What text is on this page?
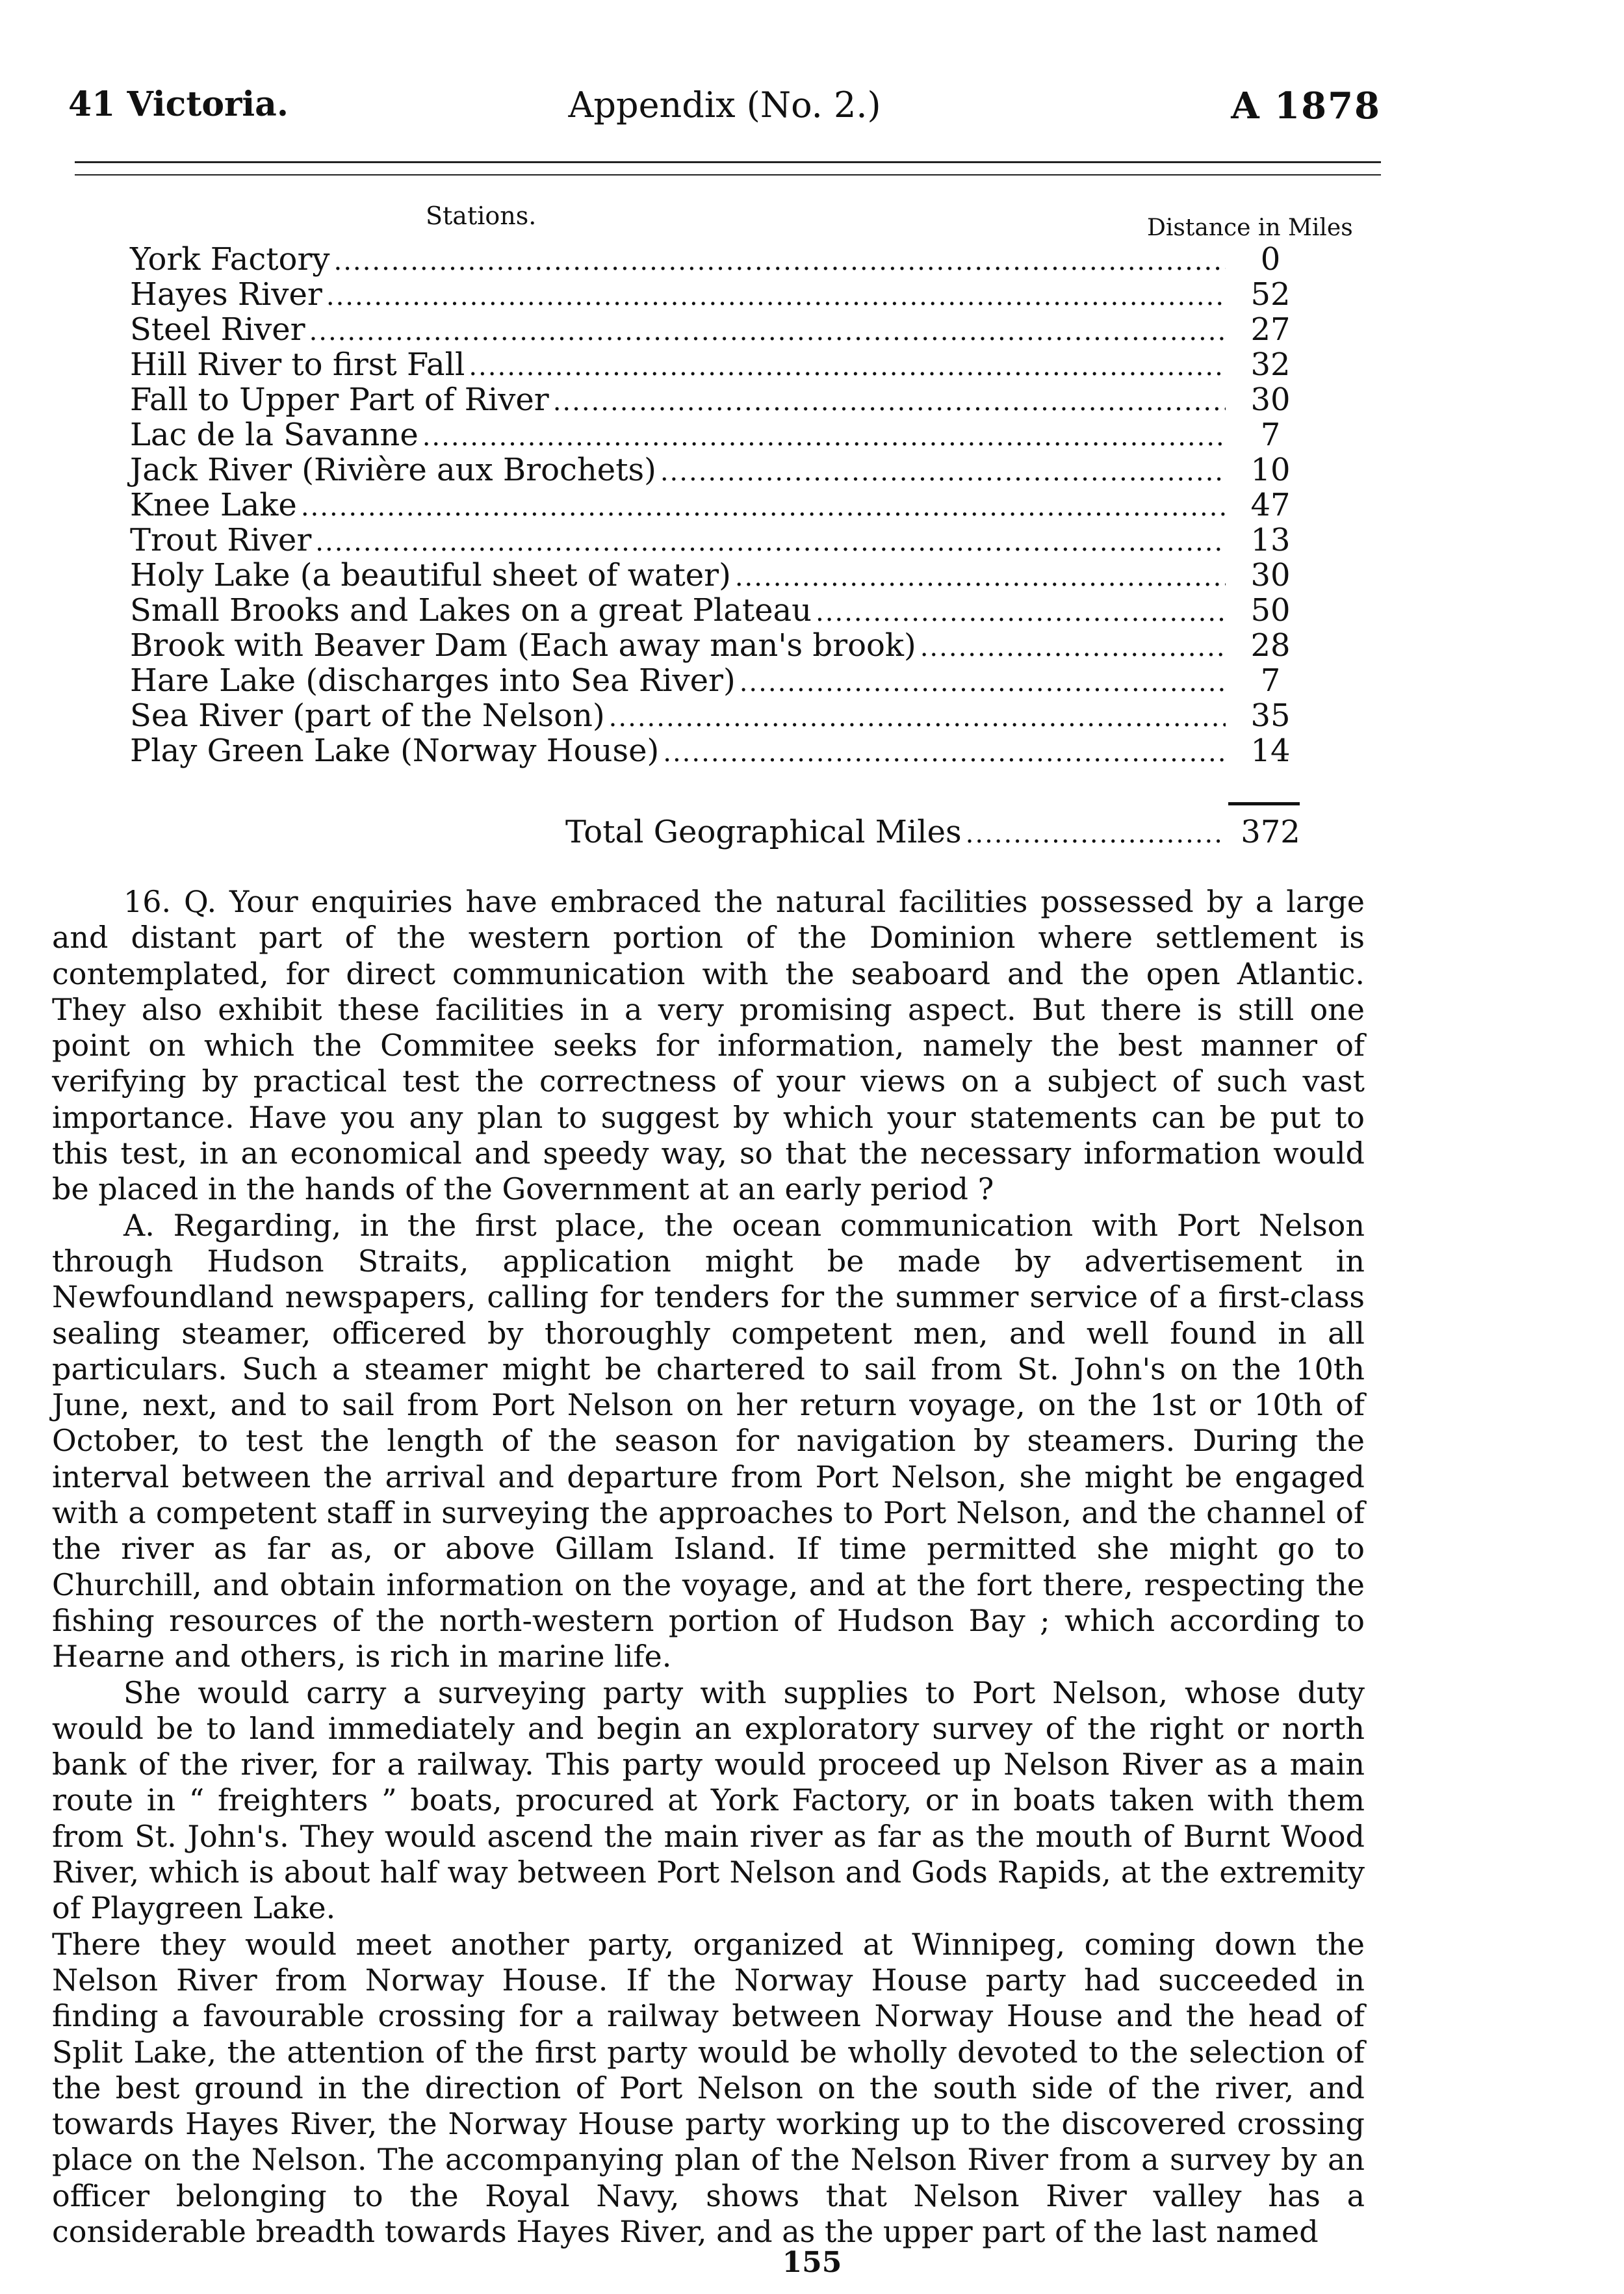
Appendix (No. 2.)
41 Victoria.	A 1878
Stations.	Distance in Miles
York Factory .....	0
Hayes River .....	52
Steel River .....	27
Hill River to first Fall .....	32
Fall to Upper Part of River .....	30
Lac de la Savanne .....	7
Jack River (Rivière aux Brochets) .....	10
Knee Lake .....	47
Trout River .....	13
Holy Lake (a beautiful sheet of water) .....	30
Small Brooks and Lakes on a great Plateau .....	50
Brook with Beaver Dam (Each away man's brook) .....	28
Hare Lake (discharges into Sea River) .....	7
Sea River (part of the Nelson) .....	35
Play Green Lake (Norway House) .....	14
Total Geographical Miles .....	372

16. Q. Your enquiries have embraced the natural facilities possessed by a large and distant part of the western portion of the Dominion where settlement is contemplated, for direct communication with the seaboard and the open Atlantic. They also exhibit these facilities in a very promising aspect. But there is still one point on which the Commitee seeks for information, namely the best manner of verifying by practical test the correctness of your views on a subject of such vast importance. Have you any plan to suggest by which your statements can be put to this test, in an economical and speedy way, so that the necessary information would be placed in the hands of the Government at an early period ?

A. Regarding, in the first place, the ocean communication with Port Nelson through Hudson Straits, application might be made by advertisement in Newfoundland newspapers, calling for tenders for the summer service of a first-class sealing steamer, officered by thoroughly competent men, and well found in all particulars. Such a steamer might be chartered to sail from St. John's on the 10th June, next, and to sail from Port Nelson on her return voyage, on the 1st or 10th of October, to test the length of the season for navigation by steamers. During the interval between the arrival and departure from Port Nelson, she might be engaged with a competent staff in surveying the approaches to Port Nelson, and the channel of the river as far as, or above Gillam Island. If time permitted she might go to Churchill, and obtain information on the voyage, and at the fort there, respecting the fishing resources of the north-western portion of Hudson Bay ; which according to Hearne and others, is rich in marine life.

She would carry a surveying party with supplies to Port Nelson, whose duty would be to land immediately and begin an exploratory survey of the right or north bank of the river, for a railway. This party would proceed up Nelson River as a main route in “ freighters ” boats, procured at York Factory, or in boats taken with them from St. John's. They would ascend the main river as far as the mouth of Burnt Wood River, which is about half way between Port Nelson and Gods Rapids, at the extremity of Playgreen Lake.

There they would meet another party, organized at Winnipeg, coming down the Nelson River from Norway House. If the Norway House party had succeeded in finding a favourable crossing for a railway between Norway House and the head of Split Lake, the attention of the first party would be wholly devoted to the selection of the best ground in the direction of Port Nelson on the south side of the river, and towards Hayes River, the Norway House party working up to the discovered crossing place on the Nelson. The accompanying plan of the Nelson River from a survey by an officer belonging to the Royal Navy, shows that Nelson River valley has a considerable breadth towards Hayes River, and as the upper part of the last named

155
